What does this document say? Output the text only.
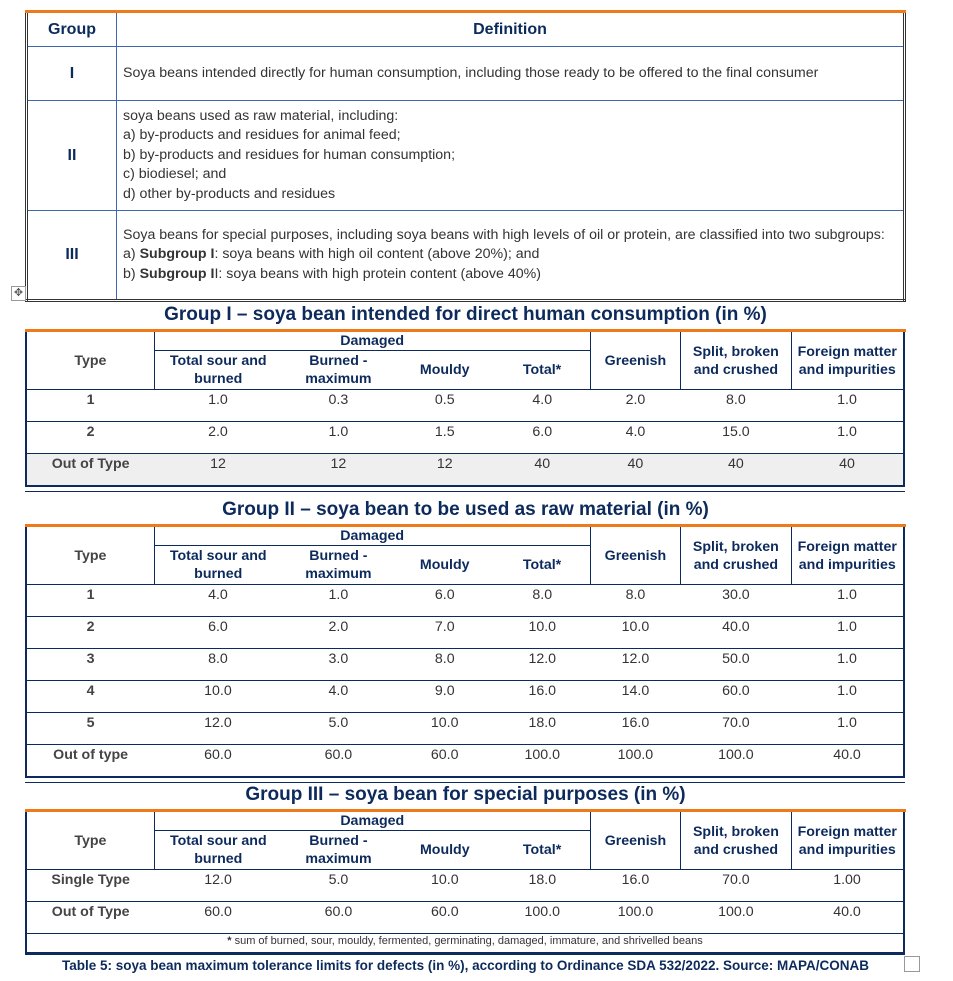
Group	Definition
I	Soya beans intended directly for human consumption, including those ready to be offered to the final consumer

II	soya beans used as raw material, including:
a) by-products and residues for animal feed;
b) by-products and residues for human consumption;
c) biodiesel; and
d) other by-products and residues

III	Soya beans for special purposes, including soya beans with high levels of oil or protein, are classified into two subgroups:
a) Subgroup I: soya beans with high oil content (above 20%); and
b) Subgroup II: soya beans with high protein content (above 40%)
✥
Group I – soya bean intended for direct human consumption (in %)
Type	Damaged				Greenish	Split, broken and crushed	Foreign matter and impurities
	Total sour and burned	Burned - maximum	Mouldy	Total*			
1	1.0	0.3	0.5	4.0	2.0	8.0	1.0
2	2.0	1.0	1.5	6.0	4.0	15.0	1.0
Out of Type	12	12	12	40	40	40	40
Group II – soya bean to be used as raw material (in %)
Type	Damaged				Greenish	Split, broken and crushed	Foreign matter and impurities
	Total sour and burned	Burned - maximum	Mouldy	Total*			
1	4.0	1.0	6.0	8.0	8.0	30.0	1.0
2	6.0	2.0	7.0	10.0	10.0	40.0	1.0
3	8.0	3.0	8.0	12.0	12.0	50.0	1.0
4	10.0	4.0	9.0	16.0	14.0	60.0	1.0
5	12.0	5.0	10.0	18.0	16.0	70.0	1.0
Out of type	60.0	60.0	60.0	100.0	100.0	100.0	40.0
Group III – soya bean for special purposes (in %)
Type	Damaged				Greenish	Split, broken and crushed	Foreign matter and impurities
	Total sour and burned	Burned - maximum	Mouldy	Total*			
Single Type	12.0	5.0	10.0	18.0	16.0	70.0	1.00
Out of Type	60.0	60.0	60.0	100.0	100.0	100.0	40.0
* sum of burned, sour, mouldy, fermented, germinating, damaged, immature, and shrivelled beans							
Table 5: soya bean maximum tolerance limits for defects (in %), according to Ordinance SDA 532/2022. Source: MAPA/CONAB
